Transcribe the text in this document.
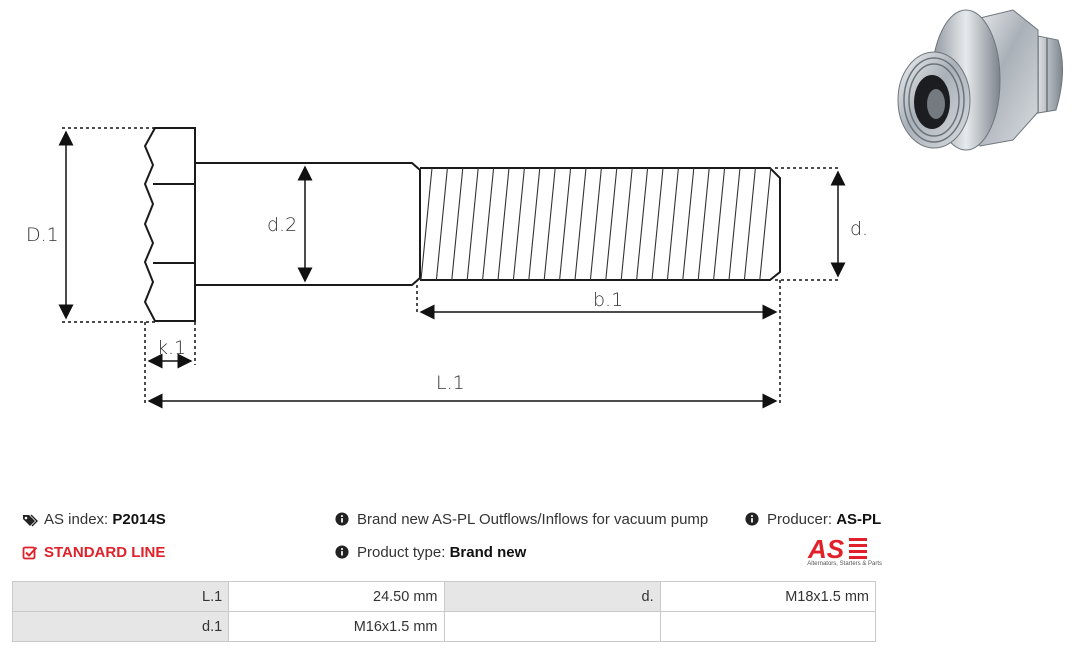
D.1	d.2	d.
b.1
k.1
L.1
AS index:
P2014S
STANDARD LINE
Brand new AS-PL Outflows/Inflows for vacuum pump
Product type:
Brand new
Producer:
AS-PL
AS
Alternators, Starters & Parts
L.1	24.50 mm	d.	M18x1.5 mm
d.1	M16x1.5 mm		
